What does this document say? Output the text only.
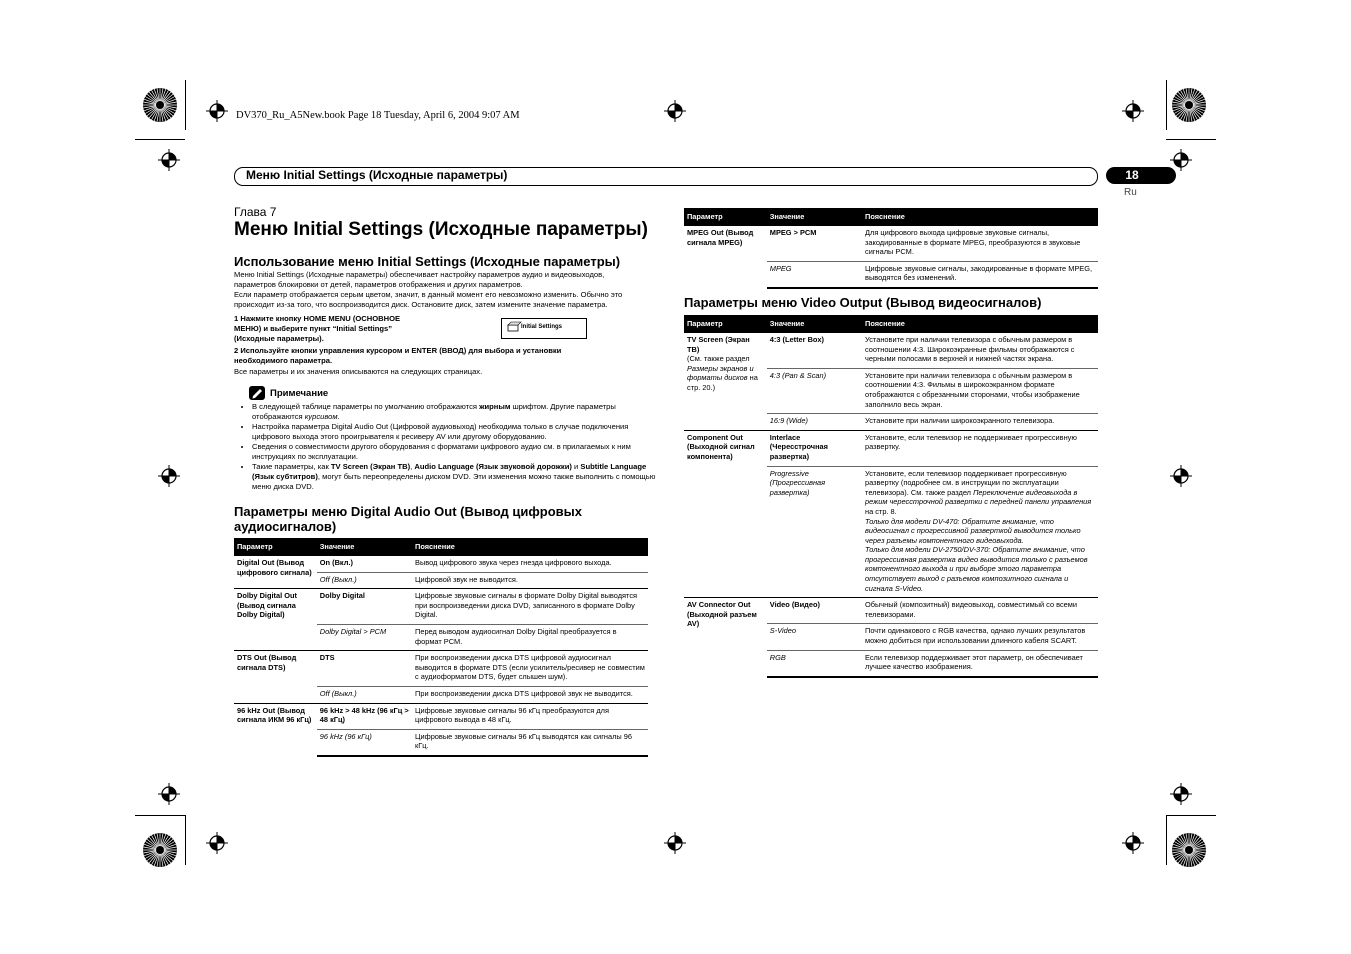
DV370_Ru_A5New.book Page 18 Tuesday, April 6, 2004 9:07 AM
Меню Initial Settings (Исходные параметры)	18
Ru
Глава 7
Меню Initial Settings (Исходные параметры)
Использование меню Initial Settings (Исходные параметры)
Меню Initial Settings (Исходные параметры) обеспечивает настройку параметров аудио и видеовыходов,
параметров блокировки от детей, параметров отображения и других параметров.
Если параметр отображается серым цветом, значит, в данный момент его невозможно изменить. Обычно это
происходит из-за того, что воспроизводится диск. Остановите диск, затем измените значение параметра.
1 Нажмите кнопку HOME MENU (ОСНОВНОЕ
МЕНЮ) и выберите пункт “Initial Settings”
(Исходные параметры).
Initial Settings
2 Используйте кнопки управления курсором и ENTER (ВВОД) для выбора и установки
необходимого параметра.
Все параметры и их значения описываются на следующих страницах.
Примечание
• В следующей таблице параметры по умолчанию отображаются жирным шрифтом. Другие параметры отображаются курсивом.
• Настройка параметра Digital Audio Out (Цифровой аудиовыход) необходима только в случае подключения цифрового выхода этого проигрывателя к ресиверу AV или другому оборудованию.
• Сведения о совместимости другого оборудования с форматами цифрового аудио см. в прилагаемых к ним инструкциях по эксплуатации.
• Такие параметры, как TV Screen (Экран ТВ), Audio Language (Язык звуковой дорожки) и Subtitle Language (Язык субтитров), могут быть переопределены диском DVD. Эти изменения можно также выполнить с помощью меню диска DVD.
Параметры меню Digital Audio Out (Вывод цифровых
аудиосигналов)
Параметр	Значение	Пояснение

Digital Out (Вывод цифрового сигнала)	On (Вкл.)	Вывод цифрового звука через гнезда цифрового выхода.
	Off (Выкл.)	Цифровой звук не выводится.

Dolby Digital Out (Вывод сигнала Dolby Digital)	Dolby Digital	Цифровые звуковые сигналы в формате Dolby Digital выводятся при воспроизведении диска DVD, записанного в формате Dolby Digital.
	Dolby Digital > PCM	Перед выводом аудиосигнал Dolby Digital преобразуется в формат PCM.

DTS Out (Вывод сигнала DTS)	DTS	При воспроизведении диска DTS цифровой аудиосигнал выводится в формате DTS (если усилитель/ресивер не совместим с аудиоформатом DTS, будет слышен шум).
	Off (Выкл.)	При воспроизведении диска DTS цифровой звук не выводится.

96 kHz Out (Вывод сигнала ИКМ 96 кГц)	96 kHz > 48 kHz (96 кГц > 48 кГц)	Цифровые звуковые сигналы 96 кГц преобразуются для цифрового вывода в 48 кГц.
	96 kHz (96 кГц)	Цифровые звуковые сигналы 96 кГц выводятся как сигналы 96 кГц.
Параметр	Значение	Пояснение

MPEG Out (Вывод сигнала MPEG)	MPEG > PCM	Для цифрового выхода цифровые звуковые сигналы, закодированные в формате MPEG, преобразуются в звуковые сигналы PCM.
	MPEG	Цифровые звуковые сигналы, закодированные в формате MPEG, выводятся без изменений.
Параметры меню Video Output (Вывод видеосигналов)
Параметр	Значение	Пояснение

TV Screen (Экран ТВ)
(См. также раздел Размеры экранов и форматы дисков на стр. 20.)	4:3 (Letter Box)	Установите при наличии телевизора с обычным размером в соотношении 4:3. Широкоэкранные фильмы отображаются с черными полосами в верхней и нижней частях экрана.
	4:3 (Pan & Scan)	Установите при наличии телевизора с обычным размером в соотношении 4:3. Фильмы в широкоэкранном формате отображаются с обрезанными сторонами, чтобы изображение заполнило весь экран.
	16:9 (Wide)	Установите при наличии широкоэкранного телевизора.

Component Out (Выходной сигнал компонента)	Interlace (Чересстрочная развертка)	Установите, если телевизор не поддерживает прогрессивную развертку.
	Progressive (Прогрессивная развертка)	Установите, если телевизор поддерживает прогрессивную развертку (подробнее см. в инструкции по эксплуатации телевизора). См. также раздел Переключение видеовыхода в режим чересстрочной развертки с передней панели управления на стр. 8.
Только для модели DV-470: Обратите внимание, что видеосигнал с прогрессивной разверткой выводится только через разъемы компонентного видеовыхода.
Только для модели DV-2750/DV-370: Обратите внимание, что прогрессивная развертка видео выводится только с разъемов компонентного выхода и при выборе этого параметра отсутствует выход с разъемов композитного сигнала и сигнала S-Video.

AV Connector Out (Выходной разъем AV)	Video (Видео)	Обычный (композитный) видеовыход, совместимый со всеми телевизорами.
	S-Video	Почти одинакового с RGB качества, однако лучших результатов можно добиться при использовании длинного кабеля SCART.
	RGB	Если телевизор поддерживает этот параметр, он обеспечивает лучшее качество изображения.
